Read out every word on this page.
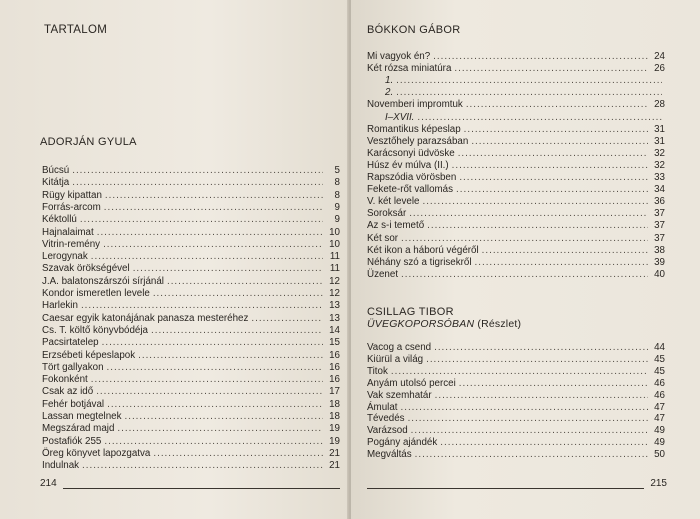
TARTALOM
ADORJÁN GYULA
Búcsú .....	5
Kitátja .....	8
Rügy kipattan .....	8
Forrás-arcom .....	9
Kéktollú .....	9
Hajnalaimat .....	10
Vitrin-remény .....	10
Lerogynak .....	11
Szavak örökségével .....	11
J.A. balatonszárszói sírjánál .....	12
Kondor ismeretlen levele .....	12
Harlekin .....	13
Caesar egyik katonájának panasza mesteréhez .....	13
Cs. T. költő könyvbódéja .....	14
Pacsirtatelep .....	15
Erzsébeti képeslapok .....	16
Tört gallyakon .....	16
Fokonként .....	16
Csak az idő .....	17
Fehér botjával .....	18
Lassan megtelnek .....	18
Megszárad majd .....	19
Postafiók 255 .....	19
Öreg könyvet lapozgatva .....	21
Indulnak .....	21
214
BÓKKON GÁBOR
Mi vagyok én? .....	24
Két rózsa miniatúra .....	26
1.
.....
2.
.....
Novemberi impromtuk .....	28
I–XVII.
.....
Romantikus képeslap .....	31
Vesztőhely parazsában .....	31
Karácsonyi üdvöske .....	32
Húsz év múlva (II.) .....	32
Rapszódia vörösben .....	33
Fekete-rőt vallomás .....	34
V. két levele .....	36
Soroksár .....	37
Az s-i temető .....	37
Két sor .....	37
Két ikon a háború végéről .....	38
Néhány szó a tigrisekről .....	39
Üzenet .....	40
CSILLAG TIBOR
ÜVEGKOPORSÓBAN (Részlet)
Vacog a csend .....	44
Kiürül a világ .....	45
Titok .....	45
Anyám utolsó percei .....	46
Vak szemhatár .....	46
Ámulat .....	47
Tévedés .....	47
Varázsod .....	49
Pogány ajándék .....	49
Megváltás .....	50
215
